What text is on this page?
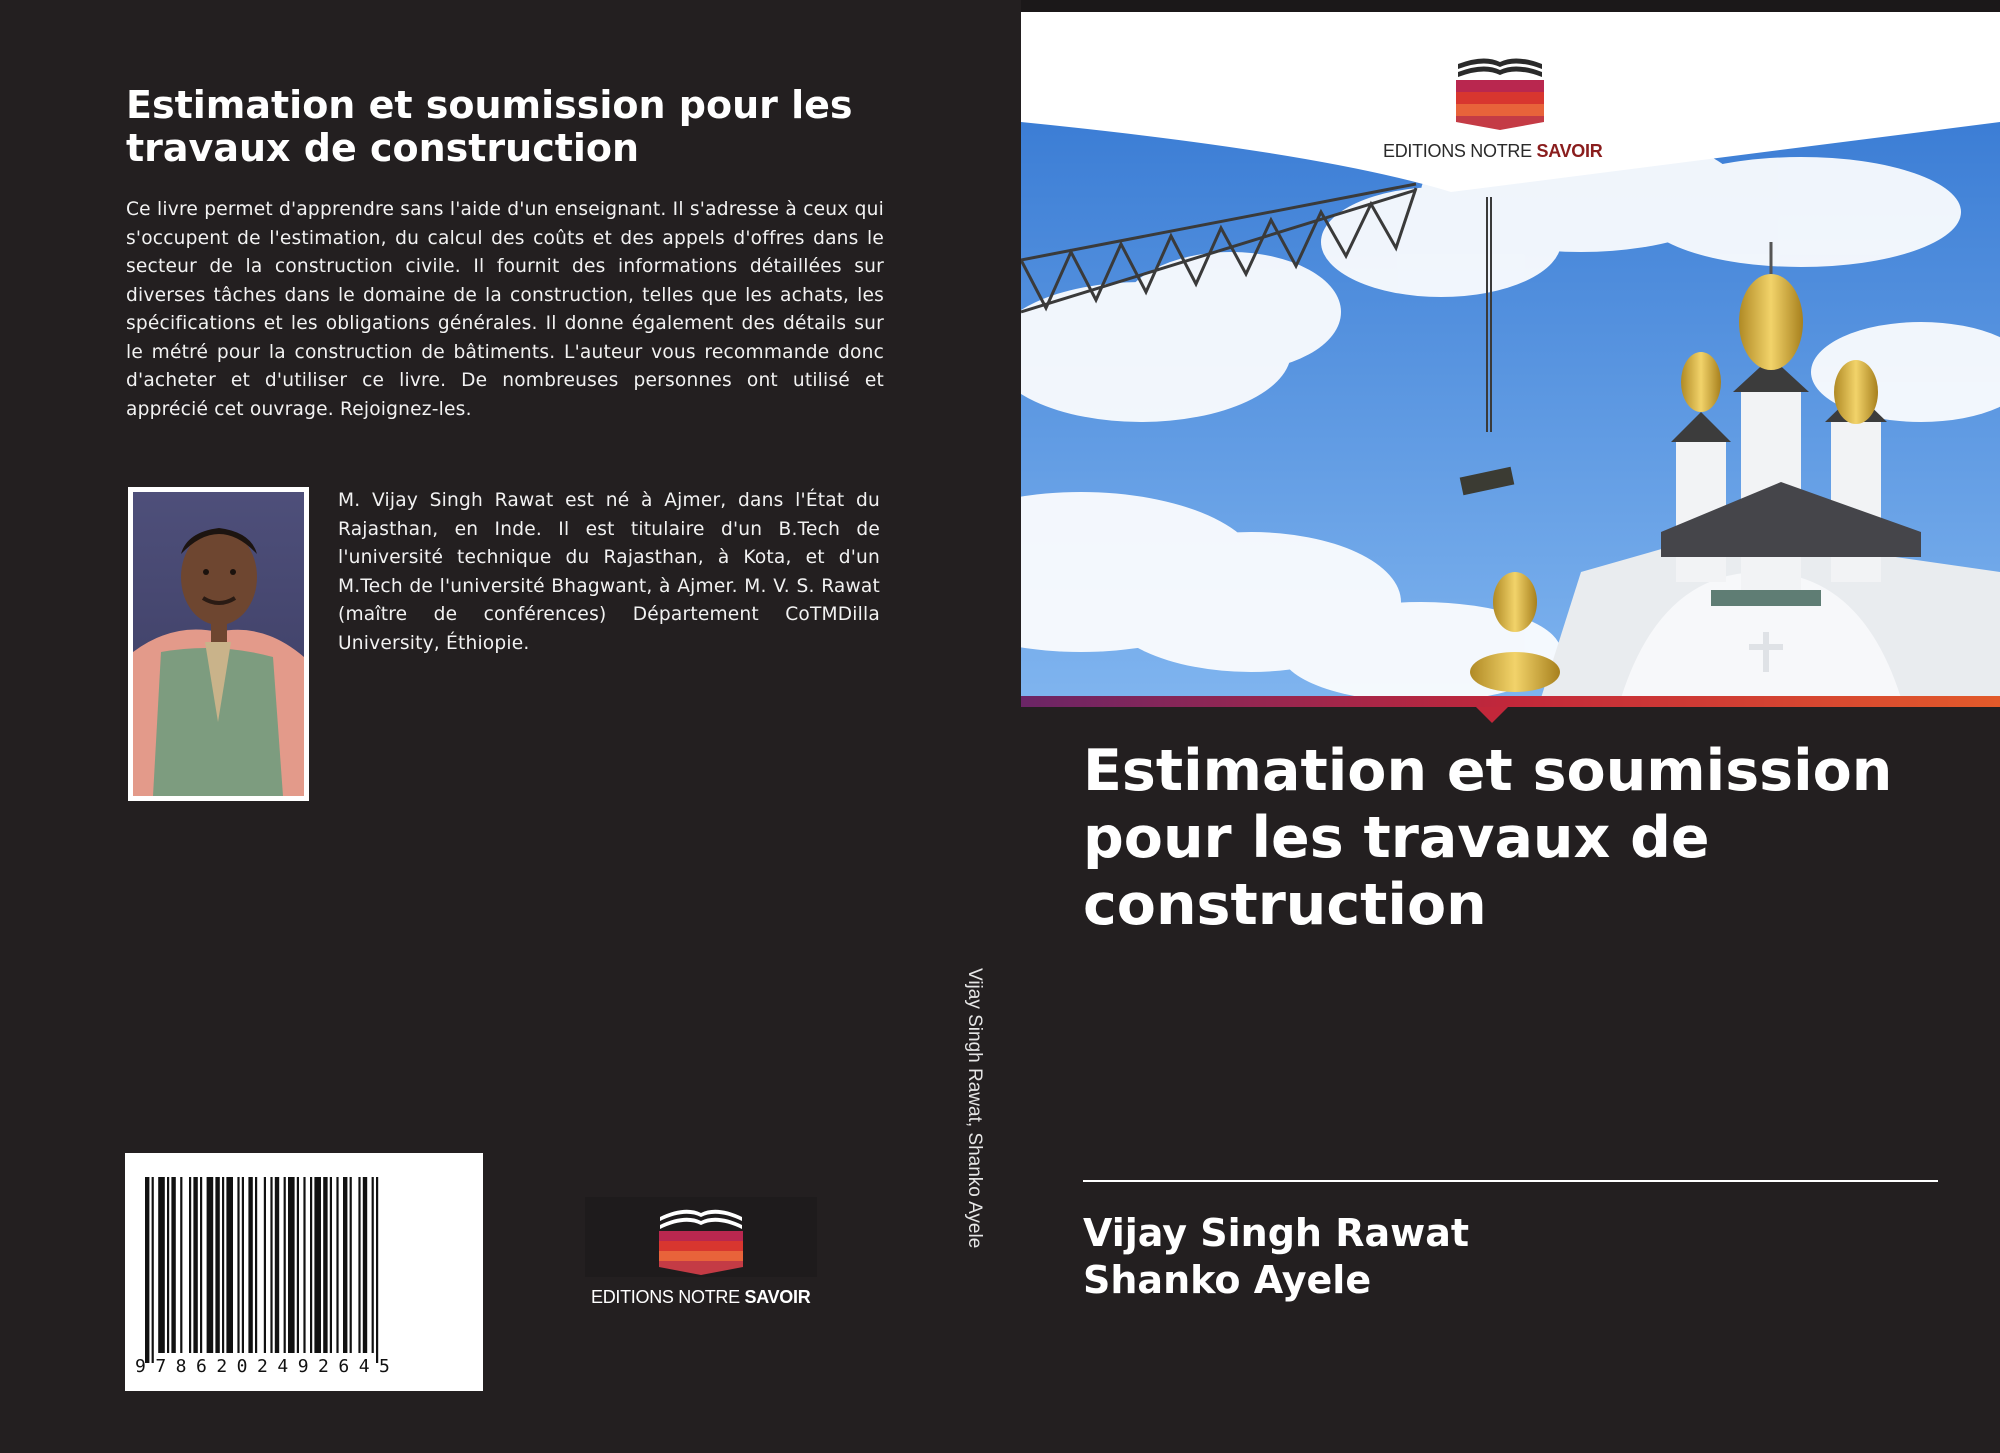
Estimation et soumission pour les travaux de construction
Ce livre permet d'apprendre sans l'aide d'un enseignant. Il s'adresse à ceux qui s'occupent de l'estimation, du calcul des coûts et des appels d'offres dans le secteur de la construction civile. Il fournit des informations détaillées sur diverses tâches dans le domaine de la construction, telles que les achats, les spécifications et les obligations générales. Il donne également des détails sur le métré pour la construction de bâtiments. L'auteur vous recommande donc d'acheter et d'utiliser ce livre. De nombreuses personnes ont utilisé et apprécié cet ouvrage. Rejoignez-les.
M. Vijay Singh Rawat est né à Ajmer, dans l'État du Rajasthan, en Inde. Il est titulaire d'un B.Tech de l'université technique du Rajasthan, à Kota, et d'un M.Tech de l'université Bhagwant, à Ajmer. M. V. S. Rawat (maître de conférences) Département CoTMDilla University, Éthiopie.
9786202492645
EDITIONS NOTRE SAVOIR
Vijay Singh Rawat, Shanko Ayele
EDITIONS NOTRE SAVOIR
Estimation et soumission pour les travaux de construction
Vijay Singh Rawat
Shanko Ayele
